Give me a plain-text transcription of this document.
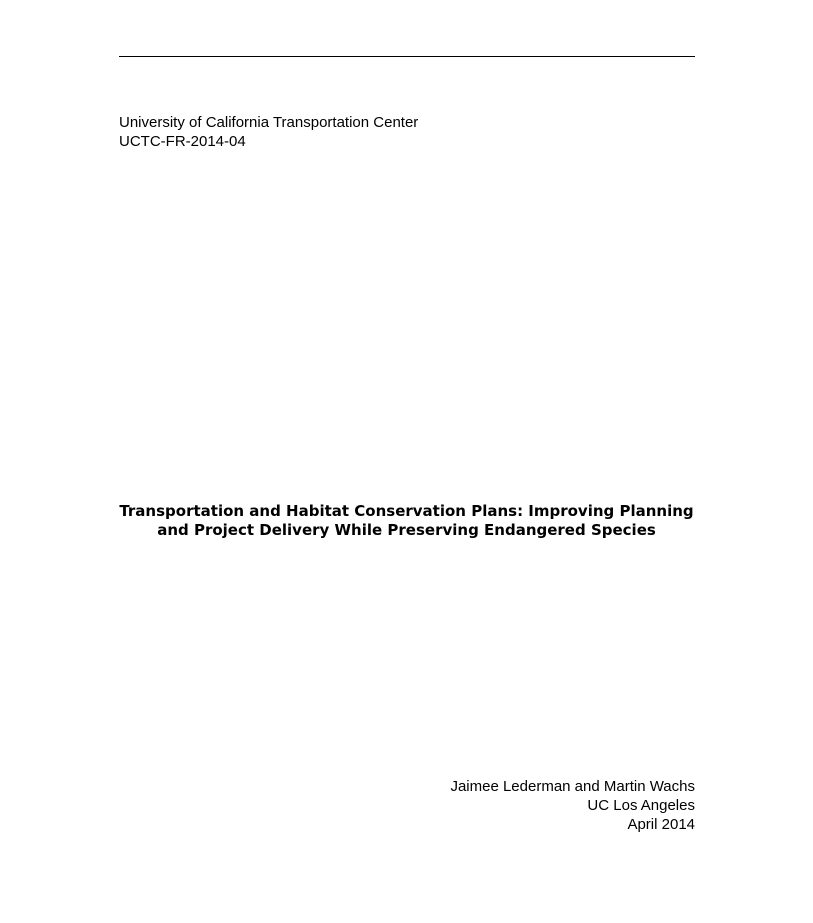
University of California Transportation Center
UCTC-FR-2014-04
Transportation and Habitat Conservation Plans: Improving Planning
and Project Delivery While Preserving Endangered Species
Jaimee Lederman and Martin Wachs
UC Los Angeles
April 2014
